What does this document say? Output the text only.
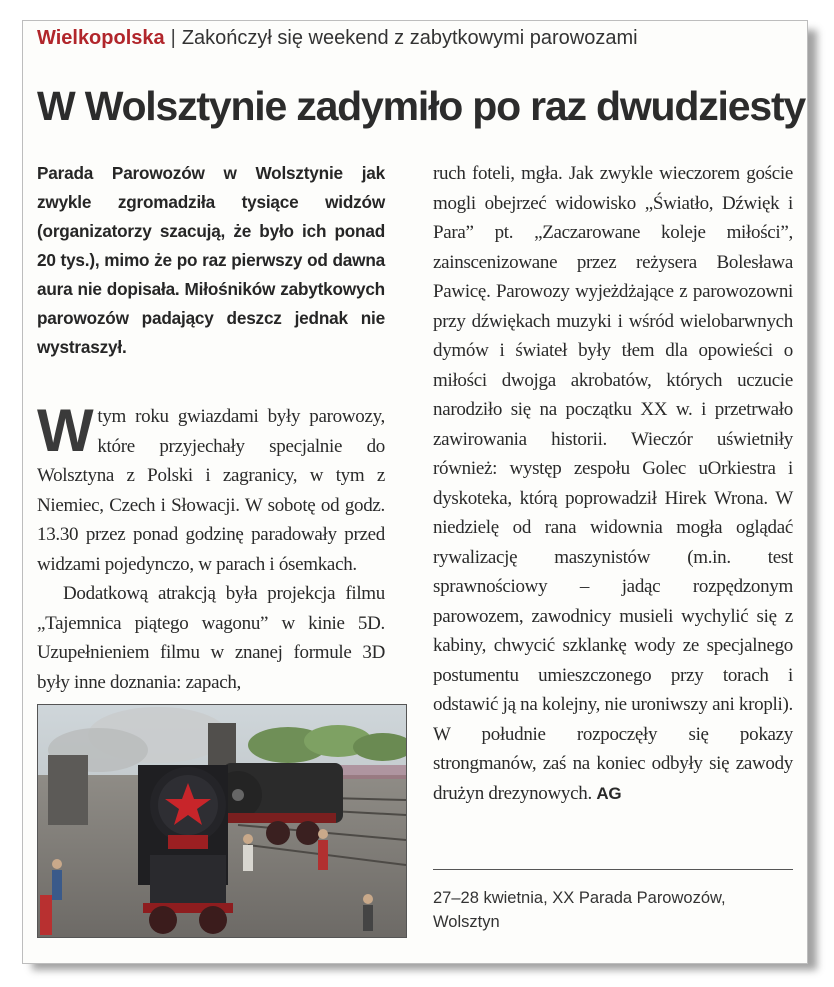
Wielkopolska | Zakończył się weekend z zabytkowymi parowozami
W Wolsztynie zadymiło po raz dwudziesty

Parada Parowozów w Wolsztynie jak zwykle zgromadziła tysiące widzów (organizatorzy szacują, że było ich ponad 20 tys.), mimo że po raz pierwszy od dawna aura nie dopisała. Miłośników zabytkowych parowozów padający deszcz jednak nie wystraszył.

Wtym roku gwiazdami były parowozy, które przyjechały specjalnie do Wolsztyna z Polski i zagranicy, w tym z Niemiec, Czech i Słowacji. W sobotę od godz. 13.30 przez ponad godzinę paradowały przed widzami pojedynczo, w parach i ósemkach.

Dodatkową atrakcją była projekcja filmu „Tajemnica piątego wagonu” w kinie 5D. Uzupełnieniem filmu w znanej formule 3D były inne doznania: zapach,

ruch foteli, mgła. Jak zwykle wieczorem goście mogli obejrzeć widowisko „Światło, Dźwięk i Para” pt. „Zaczarowane koleje miłości”, zainscenizowane przez reżysera Bolesława Pawicę. Parowozy wyjeżdżające z parowozowni przy dźwiękach muzyki i wśród wielobarwnych dymów i świateł były tłem dla opowieści o miłości dwojga akrobatów, których uczucie narodziło się na początku XX w. i przetrwało zawirowania historii. Wieczór uświetniły również: występ zespołu Golec uOrkiestra i dyskoteka, którą poprowadził Hirek Wrona. W niedzielę od rana widownia mogła oglądać rywalizację maszynistów (m.in. test sprawnościowy – jadąc rozpędzonym parowozem, zawodnicy musieli wychylić się z kabiny, chwycić szklankę wody ze specjalnego postumentu umieszczonego przy torach i odstawić ją na kolejny, nie uroniwszy ani kropli). W południe rozpoczęły się pokazy strongmanów, zaś na koniec odbyły się zawody drużyn drezynowych. AG

27–28 kwietnia, XX Parada Parowozów, Wolsztyn
